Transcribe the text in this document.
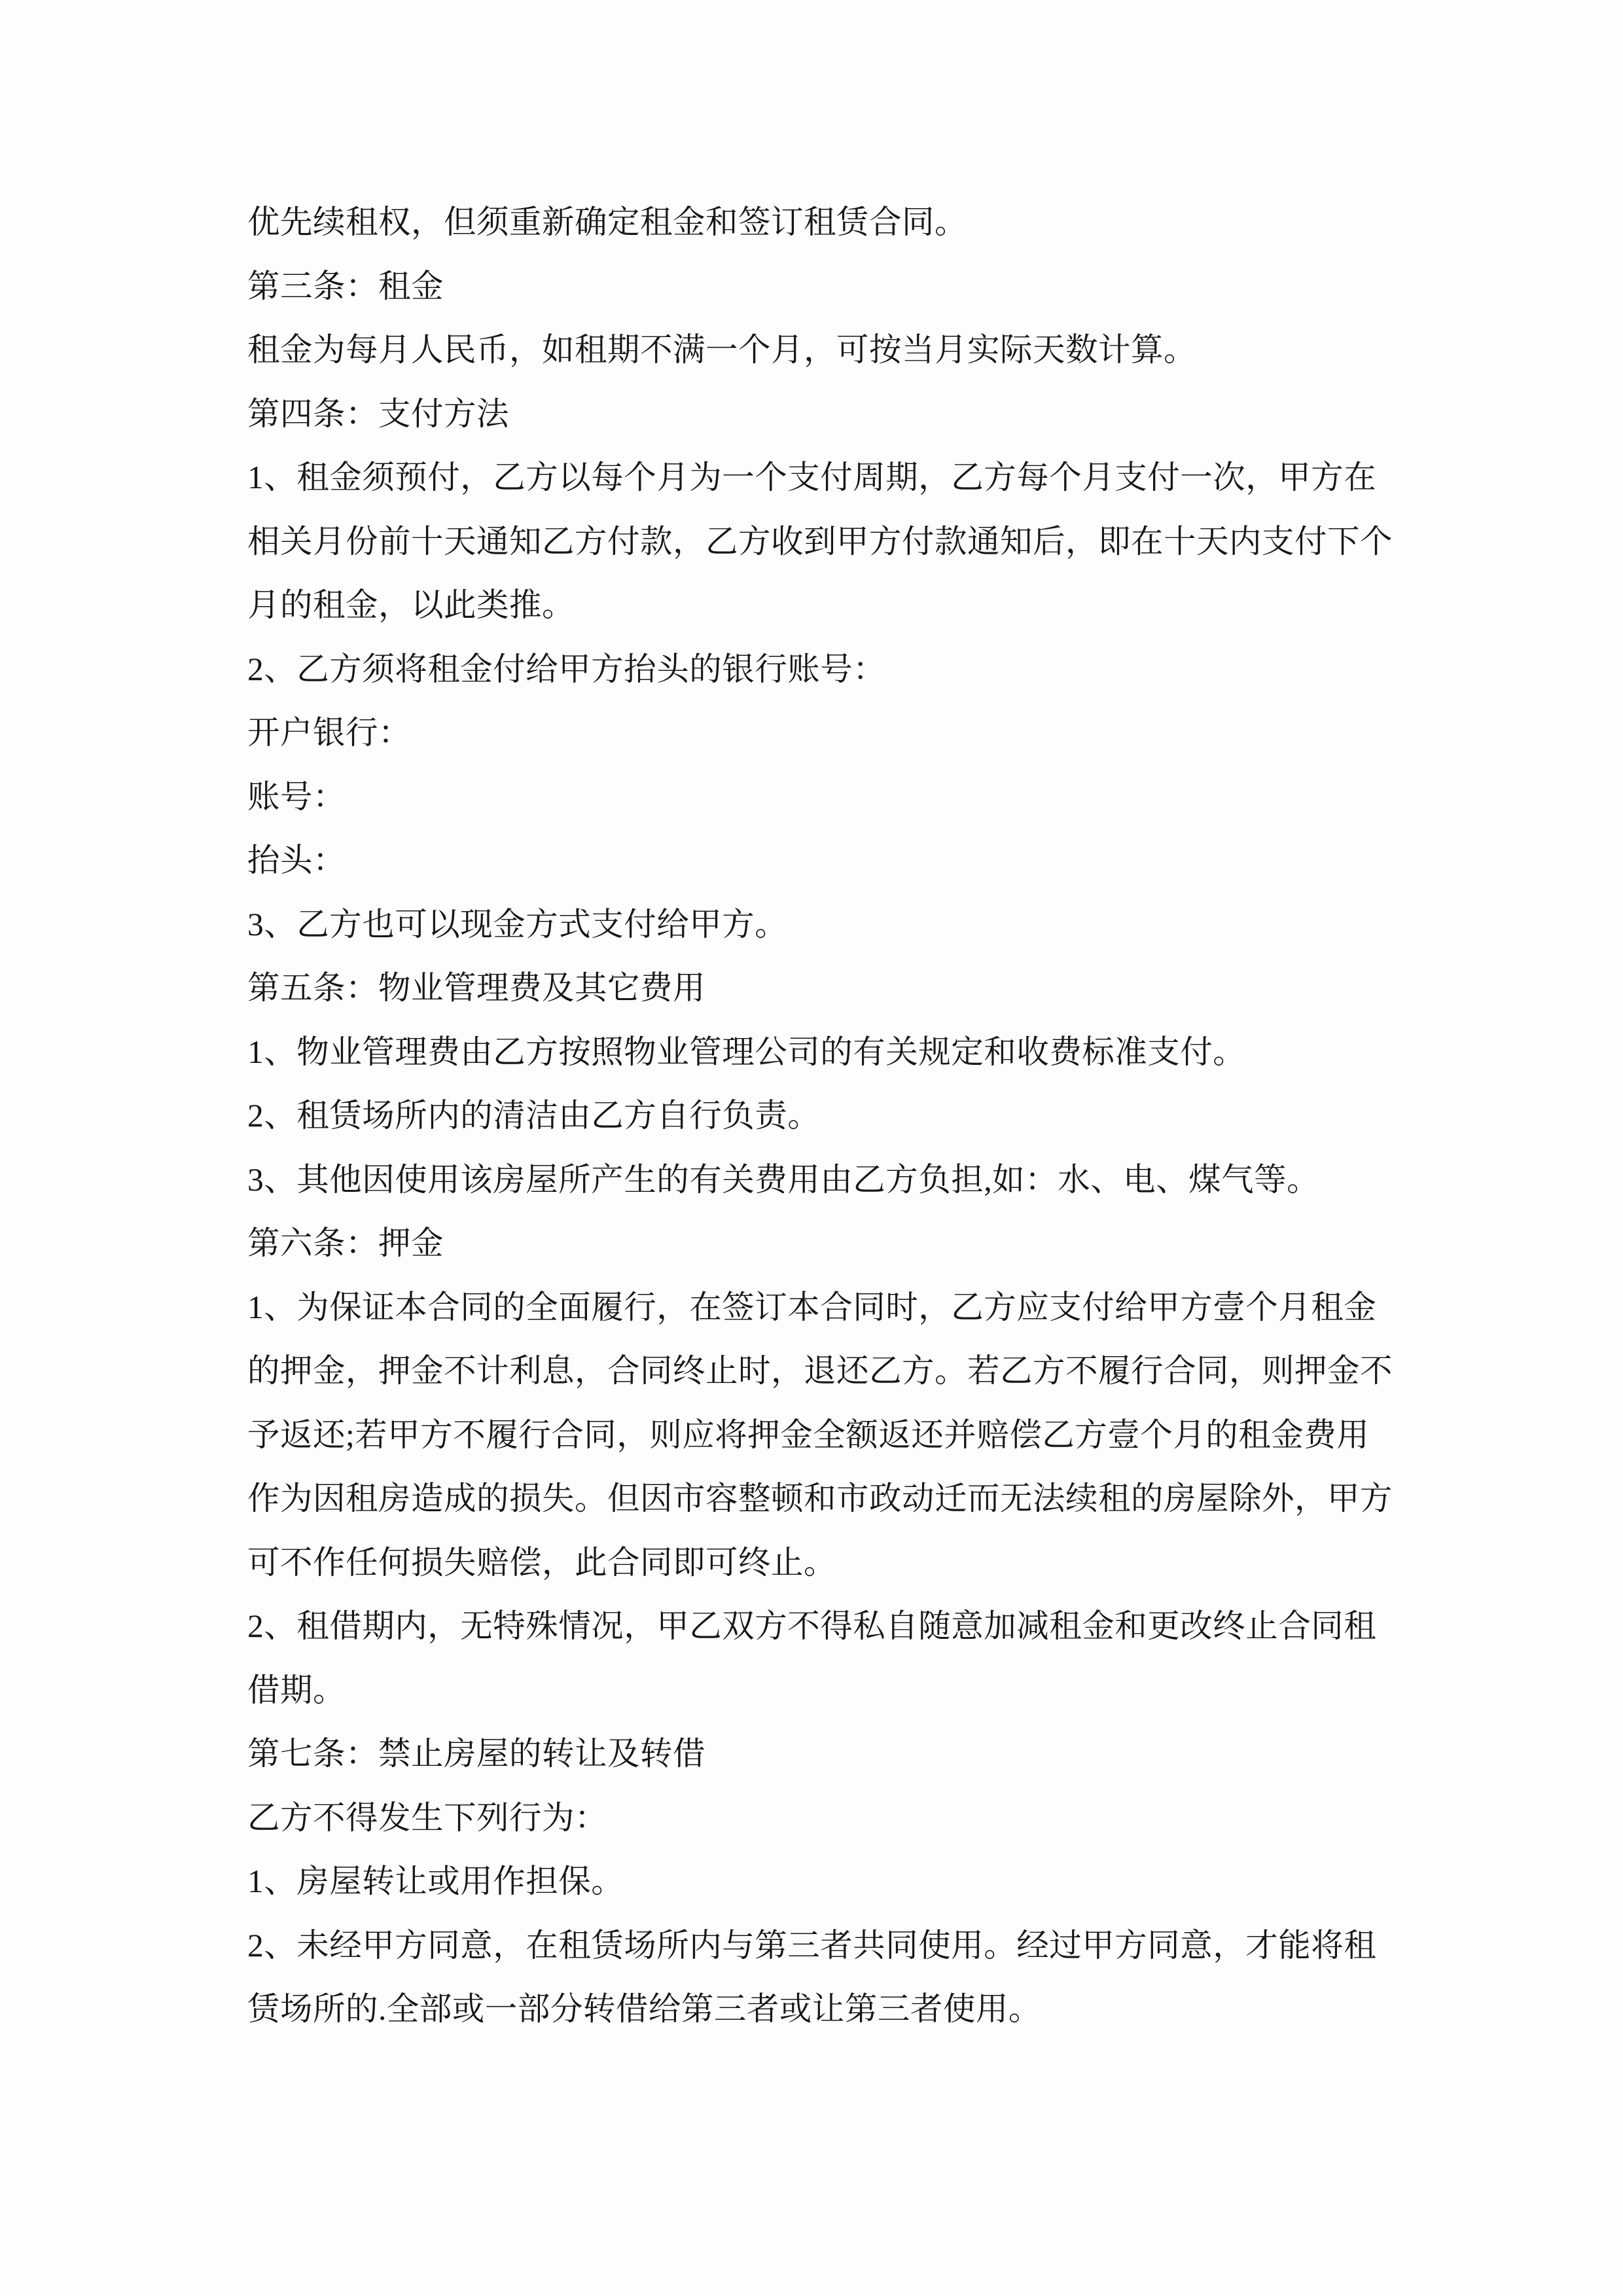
优先续租权，但须重新确定租金和签订租赁合同。
第三条：租金
租金为每月人民币，如租期不满一个月，可按当月实际天数计算。
第四条：支付方法
1、租金须预付，乙方以每个月为一个支付周期，乙方每个月支付一次，甲方在
相关月份前十天通知乙方付款，乙方收到甲方付款通知后，即在十天内支付下个
月的租金，以此类推。
2、乙方须将租金付给甲方抬头的银行账号：
开户银行：
账号：
抬头：
3、乙方也可以现金方式支付给甲方。
第五条：物业管理费及其它费用
1、物业管理费由乙方按照物业管理公司的有关规定和收费标准支付。
2、租赁场所内的清洁由乙方自行负责。
3、其他因使用该房屋所产生的有关费用由乙方负担,如：水、电、煤气等。
第六条：押金
1、为保证本合同的全面履行，在签订本合同时，乙方应支付给甲方壹个月租金
的押金，押金不计利息，合同终止时，退还乙方。若乙方不履行合同，则押金不
予返还;若甲方不履行合同，则应将押金全额返还并赔偿乙方壹个月的租金费用
作为因租房造成的损失。但因市容整顿和市政动迁而无法续租的房屋除外，甲方
可不作任何损失赔偿，此合同即可终止。
2、租借期内，无特殊情况，甲乙双方不得私自随意加减租金和更改终止合同租
借期。
第七条：禁止房屋的转让及转借
乙方不得发生下列行为：
1、房屋转让或用作担保。
2、未经甲方同意，在租赁场所内与第三者共同使用。经过甲方同意，才能将租
赁场所的.全部或一部分转借给第三者或让第三者使用。
